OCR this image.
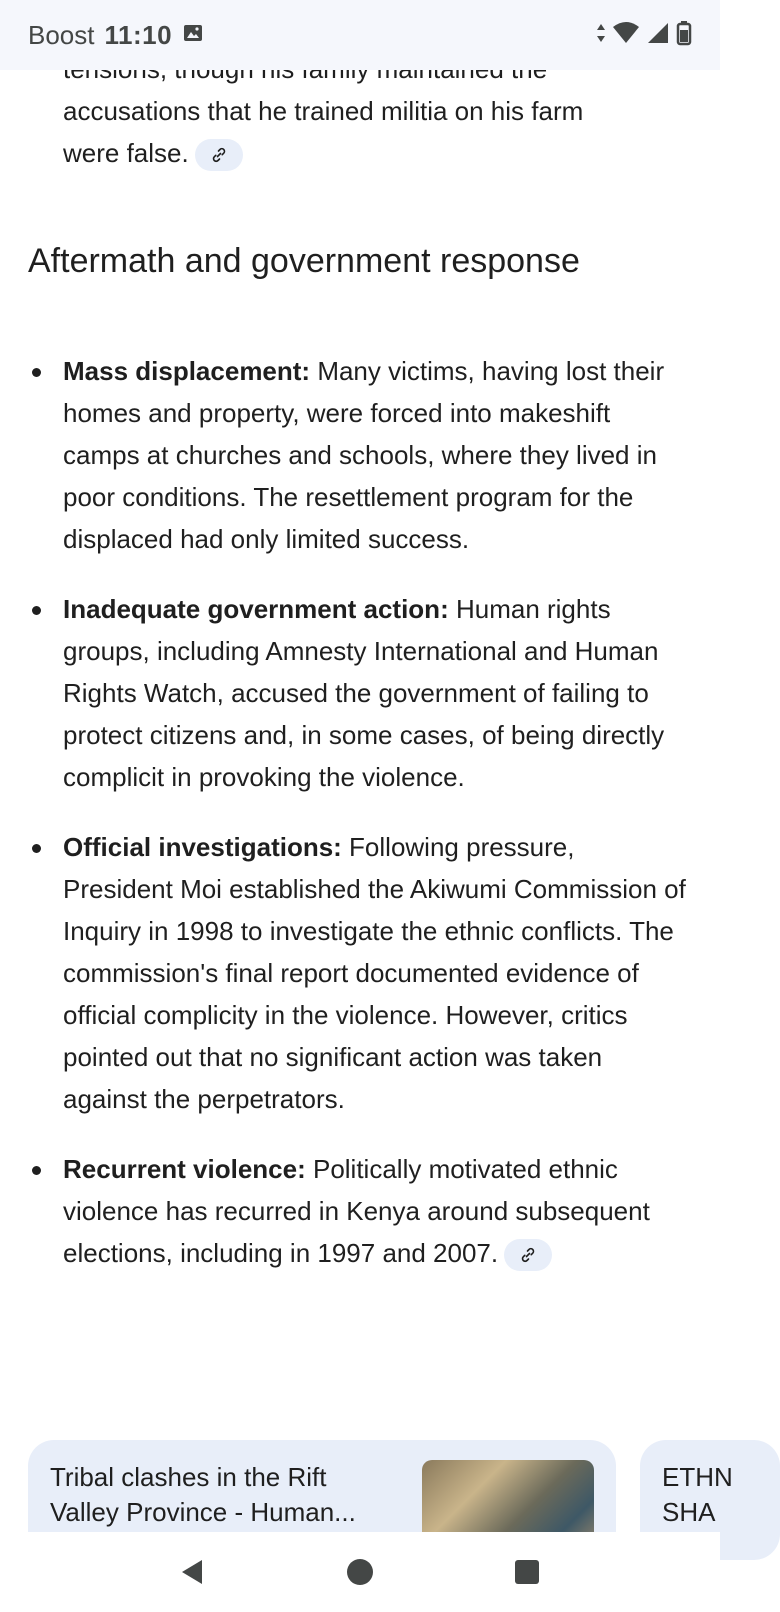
Boost 11:10
accusations that he trained militia on his farm
were false.
Aftermath and government response
Mass displacement: Many victims, having lost their homes and property, were forced into makeshift camps at churches and schools, where they lived in poor conditions. The resettlement program for the displaced had only limited success.
Inadequate government action: Human rights groups, including Amnesty International and Human Rights Watch, accused the government of failing to protect citizens and, in some cases, of being directly complicit in provoking the violence.
Official investigations: Following pressure, President Moi established the Akiwumi Commission of Inquiry in 1998 to investigate the ethnic conflicts. The commission's final report documented evidence of official complicity in the violence. However, critics pointed out that no significant action was taken against the perpetrators.
Recurrent violence: Politically motivated ethnic violence has recurred in Kenya around subsequent elections, including in 1997 and 2007.
Tribal clashes in the Rift Valley Province - Human...
ETHN SHA
